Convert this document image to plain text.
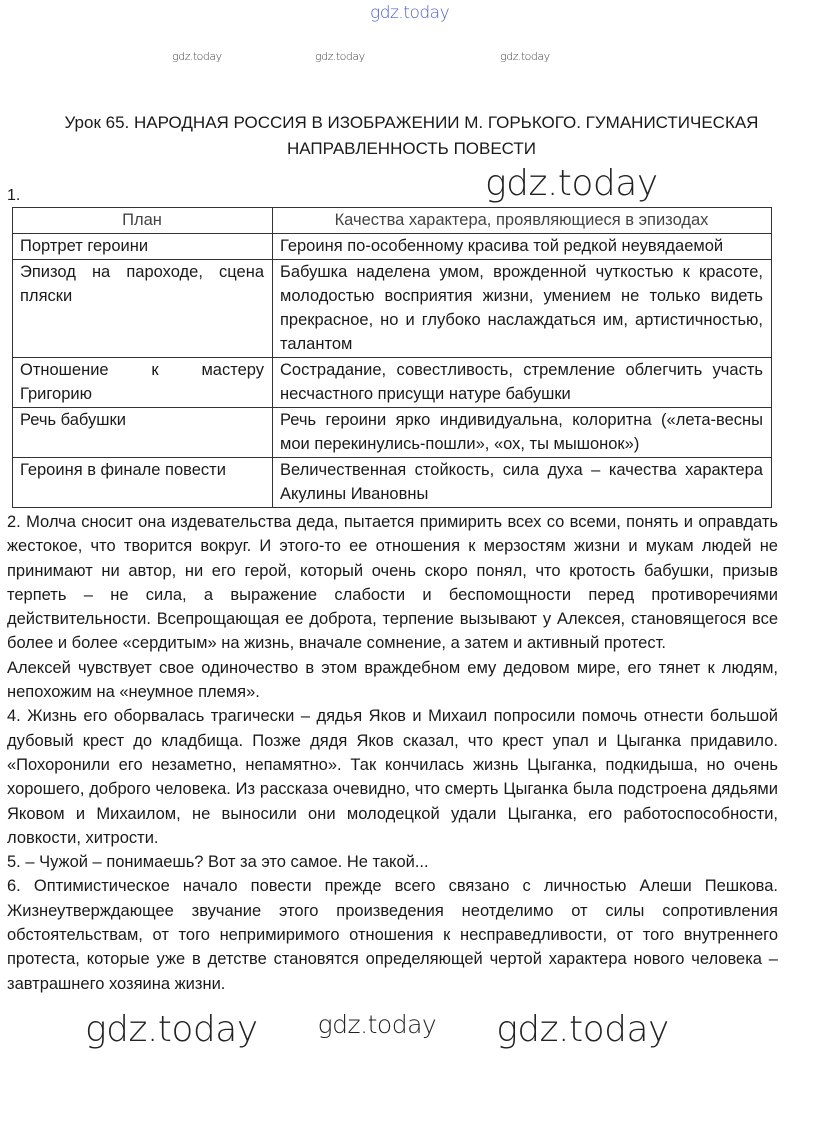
gdz.today
gdz.today	gdz.today	gdz.today
Урок 65. НАРОДНАЯ РОССИЯ В ИЗОБРАЖЕНИИ М. ГОРЬКОГО. ГУМАНИСТИЧЕСКАЯ НАПРАВЛЕННОСТЬ ПОВЕСТИ
1.	gdz.today
План	Качества характера, проявляющиеся в эпизодах
Портрет героини	Героиня по-особенному красива той редкой неувядаемой
Эпизод на пароходе, сцена пляски	Бабушка наделена умом, врожденной чуткостью к красоте, молодостью восприятия жизни, умением не только видеть прекрасное, но и глубоко наслаждаться им, артистичностью, талантом
Отношение к мастеру Григорию	Сострадание, совестливость, стремление облегчить участь несчастного присущи натуре бабушки
Речь бабушки	Речь героини ярко индивидуальна, колоритна («лета-весны мои перекинулись-пошли», «ох, ты мышонок»)
Героиня в финале повести	Величественная стойкость, сила духа – качества характера Акулины Ивановны

2. Молча сносит она издевательства деда, пытается примирить всех со всеми, понять и оправдать жестокое, что творится вокруг. И этого-то ее отношения к мерзостям жизни и мукам людей не принимают ни автор, ни его герой, который очень скоро понял, что кротость бабушки, призыв терпеть – не сила, а выражение слабости и беспомощности перед противоречиями действительности. Всепрощающая ее доброта, терпение вызывают у Алексея, становящегося все более и более «сердитым» на жизнь, вначале сомнение, а затем и активный протест.

Алексей чувствует свое одиночество в этом враждебном ему дедовом мире, его тянет к людям, непохожим на «неумное племя».

4. Жизнь его оборвалась трагически – дядья Яков и Михаил попросили помочь отнести большой дубовый крест до кладбища. Позже дядя Яков сказал, что крест упал и Цыганка придавило. «Похоронили его незаметно, непамятно». Так кончилась жизнь Цыганка, подкидыша, но очень хорошего, доброго человека. Из рассказа очевидно, что смерть Цыганка была подстроена дядьями Яковом и Михаилом, не выносили они молодецкой удали Цыганка, его работоспособности, ловкости, хитрости.

5. – Чужой – понимаешь? Вот за это самое. Не такой...

6. Оптимистическое начало повести прежде всего связано с личностью Алеши Пешкова. Жизнеутверждающее звучание этого произведения неотделимо от силы сопротивления обстоятельствам, от того непримиримого отношения к несправедливости, от того внутреннего протеста, которые уже в детстве становятся определяющей чертой характера нового человека – завтрашнего хозяина жизни.

gdz.today gdz.today gdz.today
